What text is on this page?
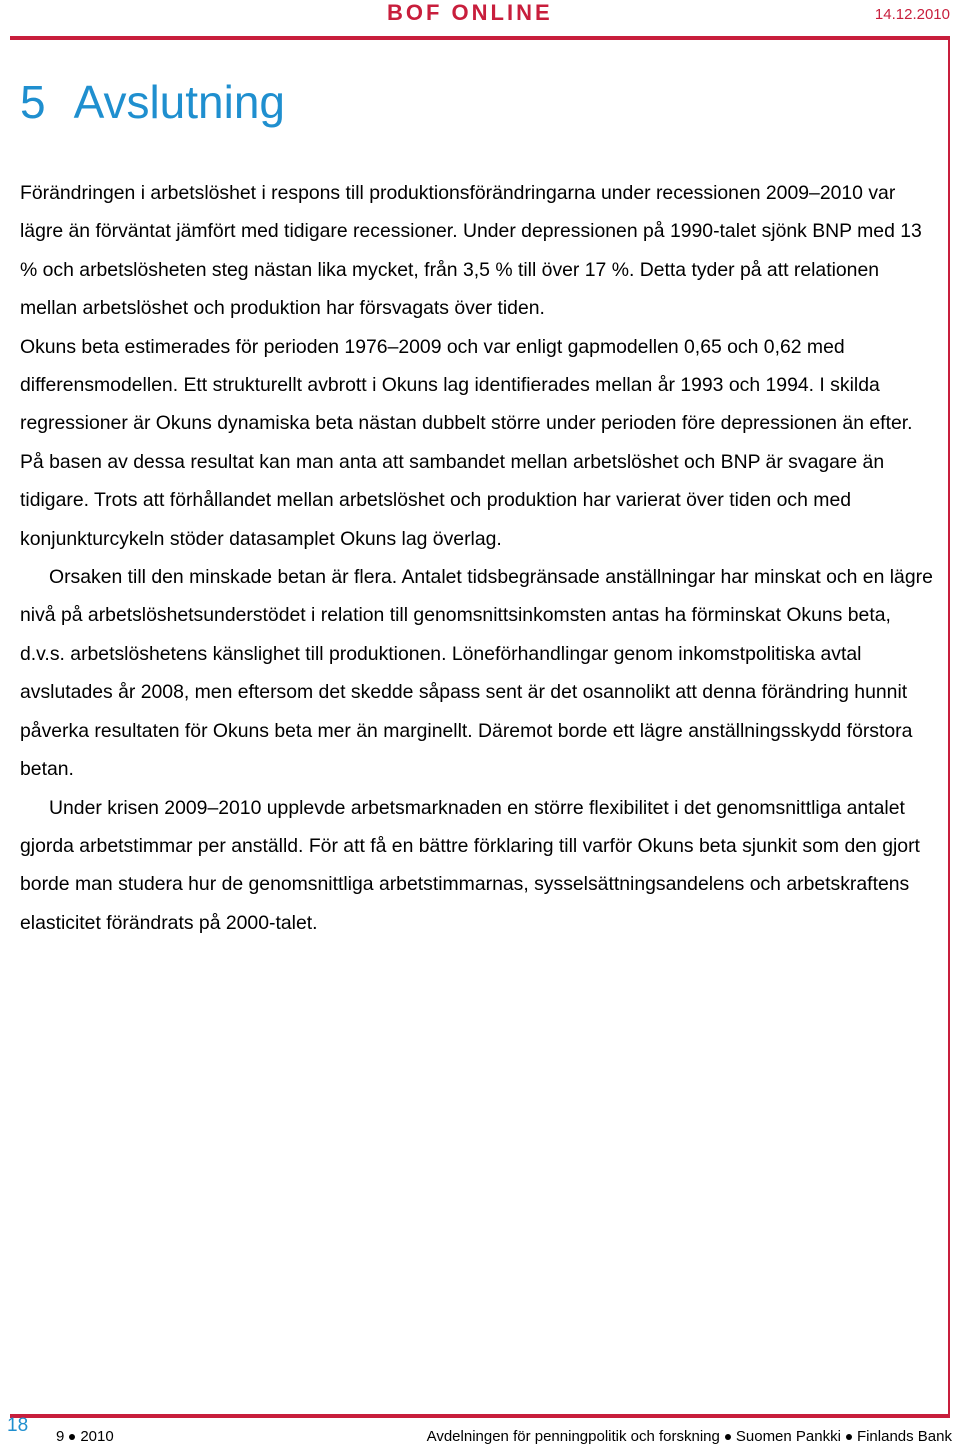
BOF ONLINE	14.12.2010
5 Avslutning

Förändringen i arbetslöshet i respons till produktionsförändringarna under recessionen 2009–2010 var lägre än förväntat jämfört med tidigare recessioner. Under depressionen på 1990-talet sjönk BNP med 13 % och arbetslösheten steg nästan lika mycket, från 3,5 % till över 17 %. Detta tyder på att relationen mellan arbetslöshet och produktion har försvagats över tiden.

Okuns beta estimerades för perioden 1976–2009 och var enligt gapmodellen 0,65 och 0,62 med differensmodellen. Ett strukturellt avbrott i Okuns lag identifierades mellan år 1993 och 1994. I skilda regressioner är Okuns dynamiska beta nästan dubbelt större under perioden före depressionen än efter. På basen av dessa resultat kan man anta att sambandet mellan arbetslöshet och BNP är svagare än tidigare. Trots att förhållandet mellan arbetslöshet och produktion har varierat över tiden och med konjunkturcykeln stöder datasamplet Okuns lag överlag.

Orsaken till den minskade betan är flera. Antalet tidsbegränsade anställningar har minskat och en lägre nivå på arbetslöshetsunderstödet i relation till genomsnittsinkomsten antas ha förminskat Okuns beta, d.v.s. arbetslöshetens känslighet till produktionen. Löneförhandlingar genom inkomstpolitiska avtal avslutades år 2008, men eftersom det skedde såpass sent är det osannolikt att denna förändring hunnit påverka resultaten för Okuns beta mer än marginellt. Däremot borde ett lägre anställningsskydd förstora betan.

Under krisen 2009–2010 upplevde arbetsmarknaden en större flexibilitet i det genomsnittliga antalet gjorda arbetstimmar per anställd. För att få en bättre förklaring till varför Okuns beta sjunkit som den gjort borde man studera hur de genomsnittliga arbetstimmarnas, sysselsättningsandelens och arbetskraftens elasticitet förändrats på 2000-talet.

18
9 2010	Avdelningen för penningpolitik och forskning Suomen Pankki Finlands Bank
